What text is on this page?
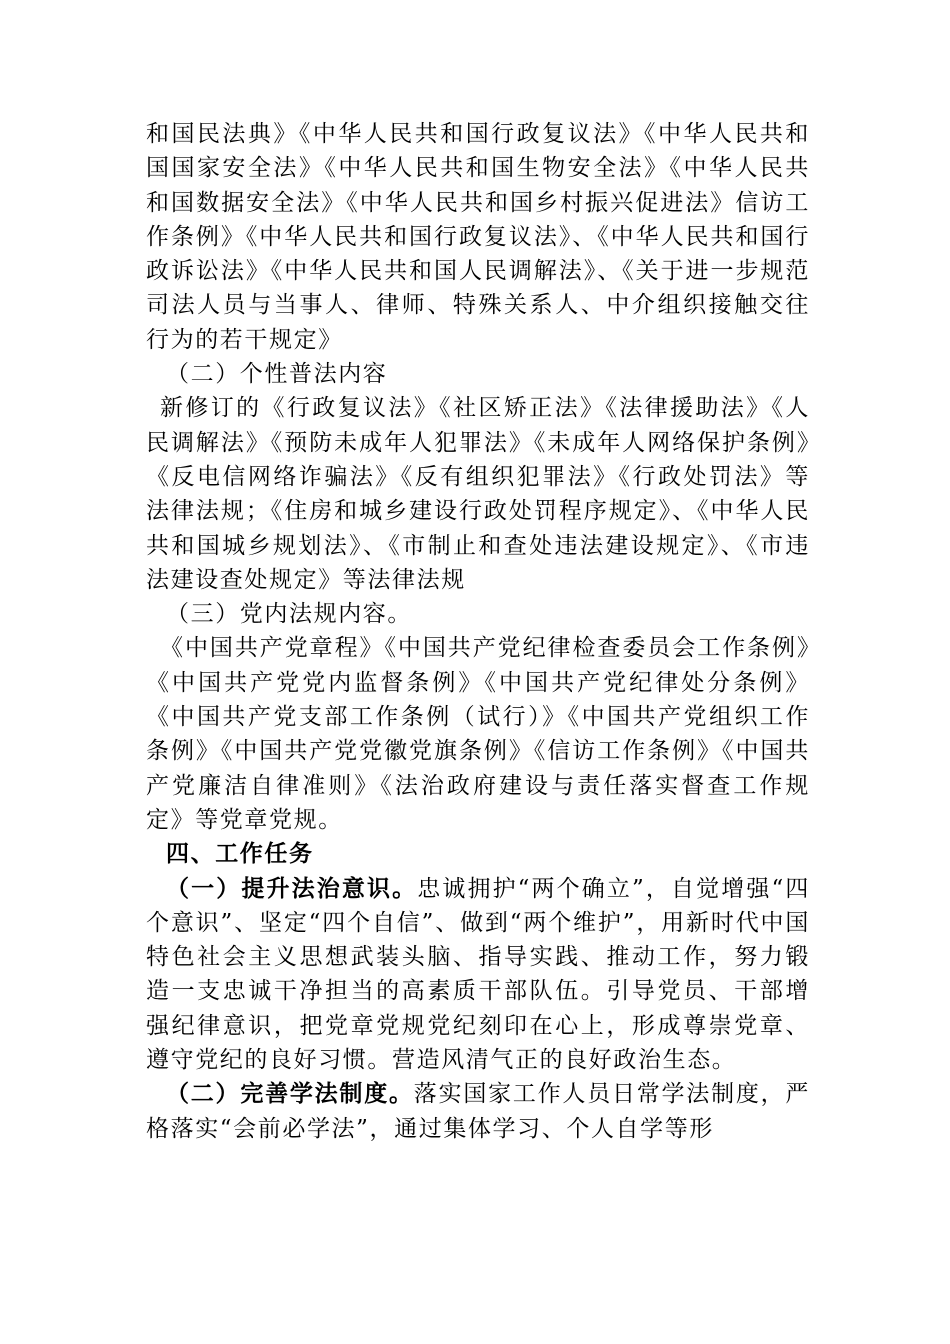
和国民法典》《中华人民共和国行政复议法》《中华人民共和国国家安全法》《中华人民共和国生物安全法》《中华人民共和国数据安全法》《中华人民共和国乡村振兴促进法》信访工作条例》《中华人民共和国行政复议法》、《中华人民共和国行政诉讼法》《中华人民共和国人民调解法》、《关于进一步规范司法人员与当事人、律师、特殊关系人、中介组织接触交往行为的若干规定》

（二）个性普法内容

新修订的《行政复议法》《社区矫正法》《法律援助法》《人民调解法》《预防未成年人犯罪法》《未成年人网络保护条例》《反电信网络诈骗法》《反有组织犯罪法》《行政处罚法》等法律法规；《住房和城乡建设行政处罚程序规定》、《中华人民共和国城乡规划法》、《市制止和查处违法建设规定》、《市违法建设查处规定》等法律法规

（三）党内法规内容。

《中国共产党章程》《中国共产党纪律检查委员会工作条例》《中国共产党党内监督条例》《中国共产党纪律处分条例》《中国共产党支部工作条例（试行）》《中国共产党组织工作条例》《中国共产党党徽党旗条例》《信访工作条例》《中国共产党廉洁自律准则》《法治政府建设与责任落实督查工作规定》等党章党规。

四、工作任务

（一）提升法治意识。忠诚拥护“两个确立”，自觉增强“四个意识”、坚定“四个自信”、做到“两个维护”，用新时代中国特色社会主义思想武装头脑、指导实践、推动工作，努力锻造一支忠诚干净担当的高素质干部队伍。引导党员、干部增强纪律意识，把党章党规党纪刻印在心上，形成尊崇党章、遵守党纪的良好习惯。营造风清气正的良好政治生态。

（二）完善学法制度。落实国家工作人员日常学法制度，严格落实“会前必学法”，通过集体学习、个人自学等形
